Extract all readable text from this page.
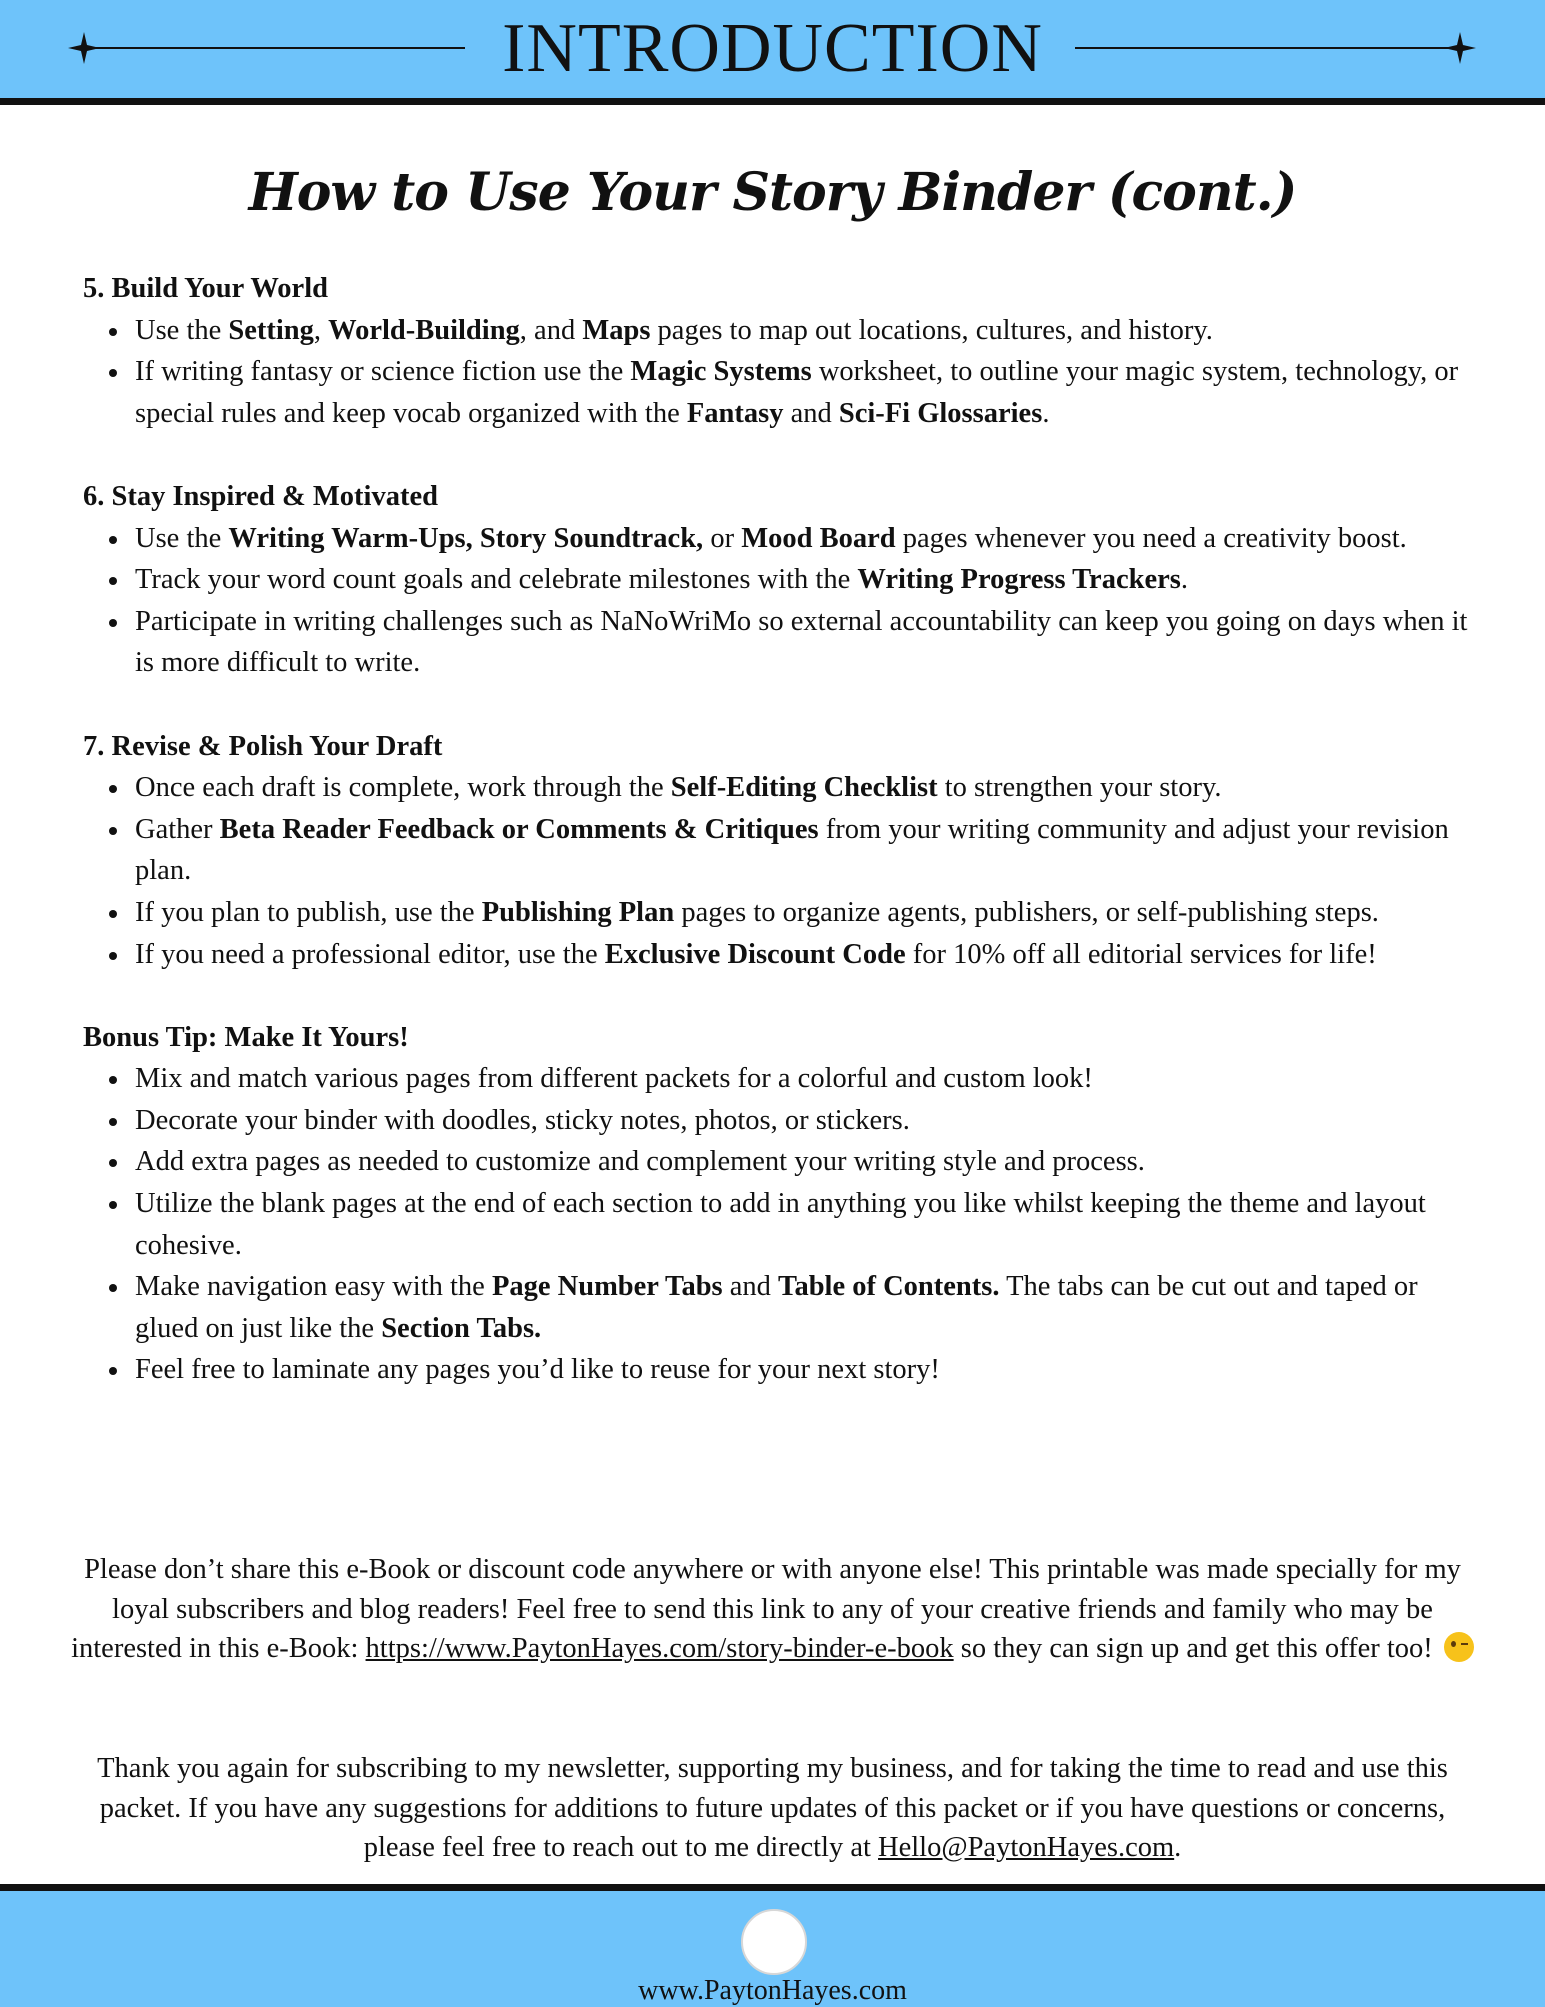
INTRODUCTION
How to Use Your Story Binder (cont.)
5. Build Your World
Use the Setting, World-Building, and Maps pages to map out locations, cultures, and history.
If writing fantasy or science fiction use the Magic Systems worksheet, to outline your magic system, technology, or special rules and keep vocab organized with the Fantasy and Sci-Fi Glossaries.
6. Stay Inspired & Motivated
Use the Writing Warm-Ups, Story Soundtrack, or Mood Board pages whenever you need a creativity boost.
Track your word count goals and celebrate milestones with the Writing Progress Trackers.
Participate in writing challenges such as NaNoWriMo so external accountability can keep you going on days when it is more difficult to write.
7. Revise & Polish Your Draft
Once each draft is complete, work through the Self-Editing Checklist to strengthen your story.
Gather Beta Reader Feedback or Comments & Critiques from your writing community and adjust your revision plan.
If you plan to publish, use the Publishing Plan pages to organize agents, publishers, or self-publishing steps.
If you need a professional editor, use the Exclusive Discount Code for 10% off all editorial services for life!
Bonus Tip: Make It Yours!
Mix and match various pages from different packets for a colorful and custom look!
Decorate your binder with doodles, sticky notes, photos, or stickers.
Add extra pages as needed to customize and complement your writing style and process.
Utilize the blank pages at the end of each section to add in anything you like whilst keeping the theme and layout cohesive.
Make navigation easy with the Page Number Tabs and Table of Contents. The tabs can be cut out and taped or glued on just like the Section Tabs.
Feel free to laminate any pages you’d like to reuse for your next story!
Please don’t share this e-Book or discount code anywhere or with anyone else! This printable was made specially for my loyal subscribers and blog readers! Feel free to send this link to any of your creative friends and family who may be interested in this e-Book: https://www.PaytonHayes.com/story-binder-e-book so they can sign up and get this offer too!
Thank you again for subscribing to my newsletter, supporting my business, and for taking the time to read and use this packet. If you have any suggestions for additions to future updates of this packet or if you have questions or concerns, please feel free to reach out to me directly at Hello@PaytonHayes.com.
www.PaytonHayes.com
